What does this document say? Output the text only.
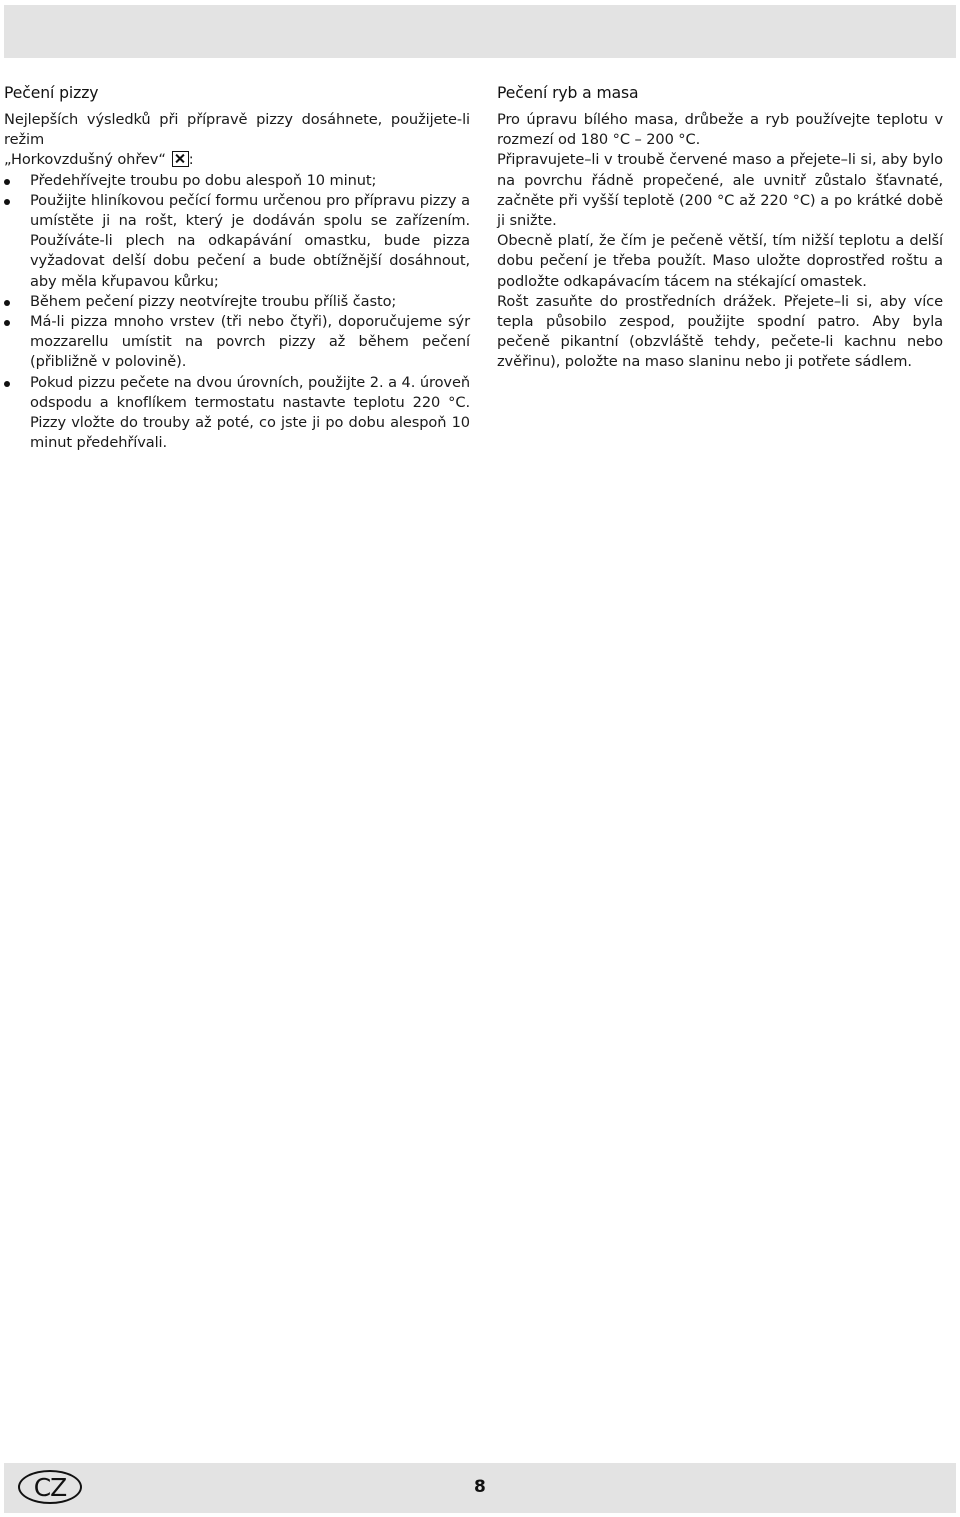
Pečení pizzy

Nejlepších výsledků při přípravě pizzy dosáhnete, použijete-li režim
„Horkovzdušný ohřev“ :

Předehřívejte troubu po dobu alespoň 10 minut;
Použijte hliníkovou pečící formu určenou pro přípravu pizzy a umístěte ji na rošt, který je dodáván spolu se zařízením. Používáte-li plech na odkapávání omastku, bude pizza vyžadovat delší dobu pečení a bude obtížnější dosáhnout, aby měla křupavou kůrku;
Během pečení pizzy neotvírejte troubu příliš často;
Má-li pizza mnoho vrstev (tři nebo čtyři), doporučujeme sýr mozzarellu umístit na povrch pizzy až během pečení (přibližně v polovině).
Pokud pizzu pečete na dvou úrovních, použijte 2. a 4. úroveň odspodu a knoflíkem termostatu nastavte teplotu 220 °C. Pizzy vložte do trouby až poté, co jste ji po dobu alespoň 10 minut předehřívali.
Pečení ryb a masa

Pro úpravu bílého masa, drůbeže a ryb používejte teplotu v rozmezí od 180 °C – 200 °C.

Připravujete–li v troubě červené maso a přejete–li si, aby bylo na povrchu řádně propečené, ale uvnitř zůstalo šťavnaté, začněte při vyšší teplotě (200 °C až 220 °C) a po krátké době ji snižte.

Obecně platí, že čím je pečeně větší, tím nižší teplotu a delší dobu pečení je třeba použít. Maso uložte doprostřed roštu a podložte odkapávacím tácem na stékající omastek.

Rošt zasuňte do prostředních drážek. Přejete–li si, aby více tepla působilo zespod, použijte spodní patro. Aby byla pečeně pikantní (obzvláště tehdy, pečete-li kachnu nebo zvěřinu), položte na maso slaninu nebo ji potřete sádlem.

CZ	8
